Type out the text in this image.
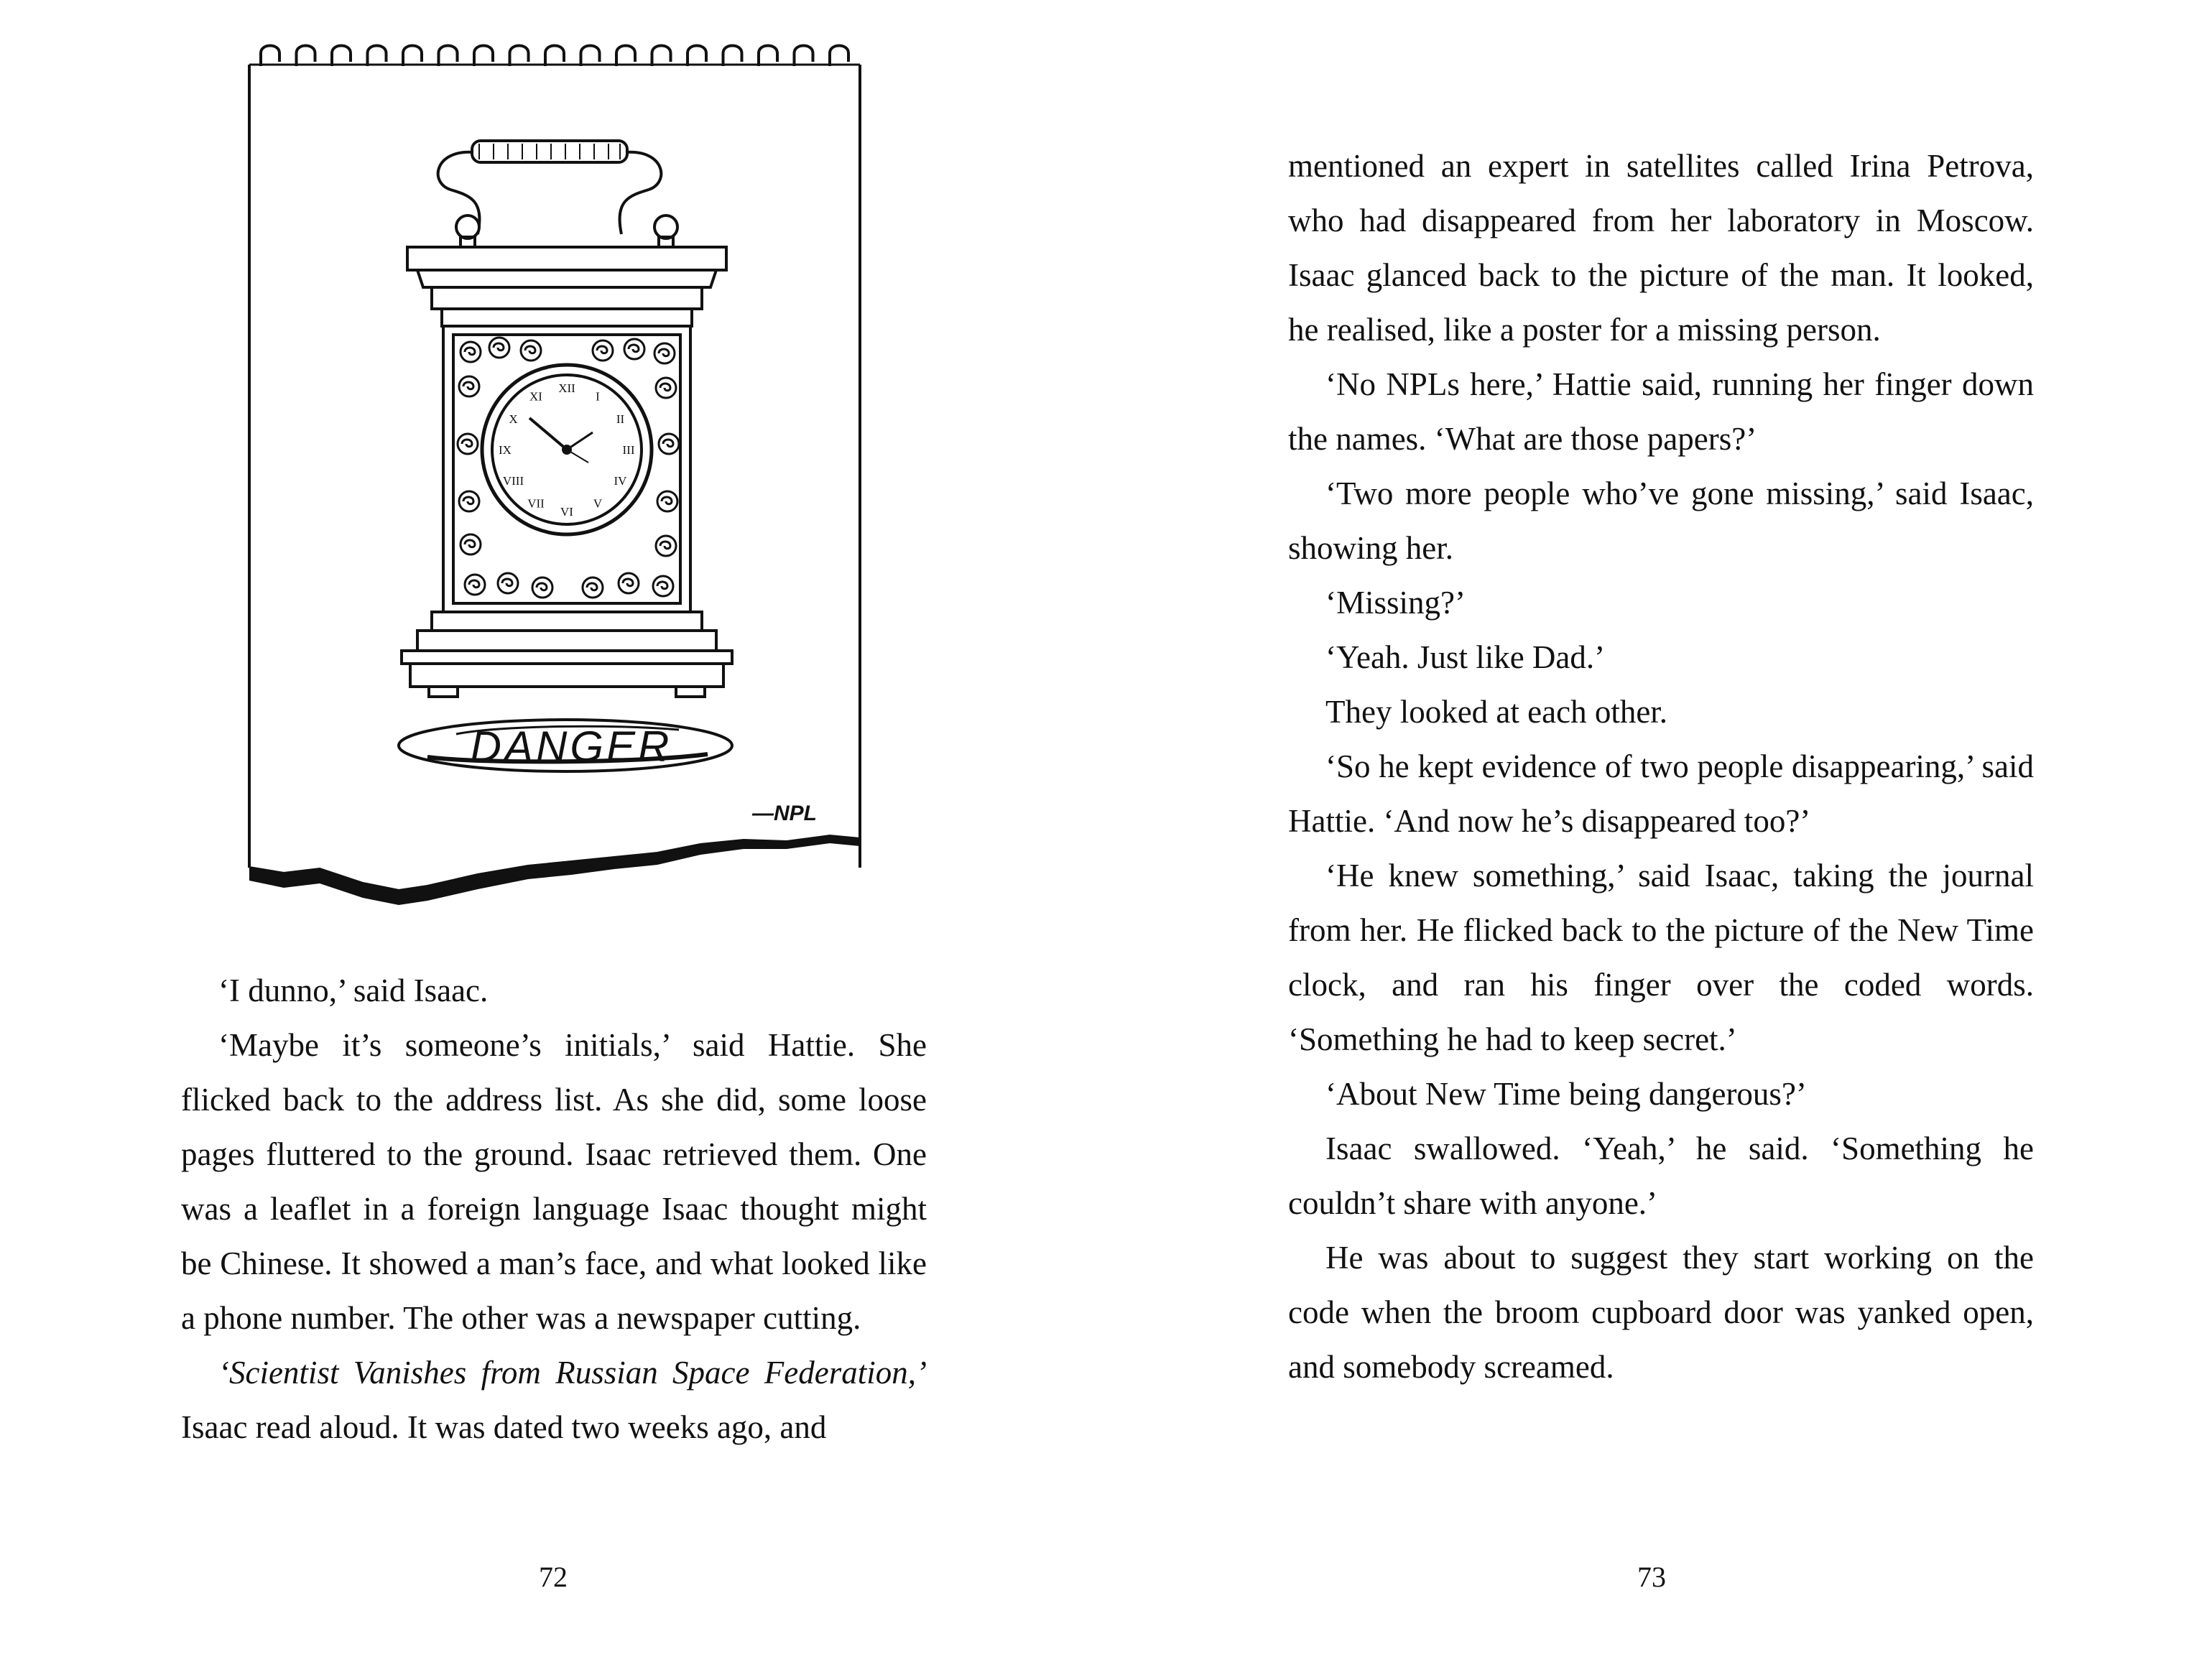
XII
I
II
III
IV
V
VI
VII
VIII
IX
X
XI
DANGER
—NPL

‘I dunno,’ said Isaac.

‘Maybe it’s someone’s initials,’ said Hattie. She flicked back to the address list. As she did, some loose pages fluttered to the ground. Isaac retrieved them. One was a leaflet in a foreign language Isaac thought might be Chinese. It showed a man’s face, and what looked like a phone number. The other was a newspaper cutting.

‘Scientist Vanishes from Russian Space Federation,’ Isaac read aloud. It was dated two weeks ago, and

72

mentioned an expert in satellites called Irina Petrova, who had disappeared from her laboratory in Moscow. Isaac glanced back to the picture of the man. It looked, he realised, like a poster for a missing person.

‘No NPLs here,’ Hattie said, running her finger down the names. ‘What are those papers?’

‘Two more people who’ve gone missing,’ said Isaac, showing her.

‘Missing?’

‘Yeah. Just like Dad.’

They looked at each other.

‘So he kept evidence of two people disappearing,’ said Hattie. ‘And now he’s disappeared too?’

‘He knew something,’ said Isaac, taking the journal from her. He flicked back to the picture of the New Time clock, and ran his finger over the coded words. ‘Something he had to keep secret.’

‘About New Time being dangerous?’

Isaac swallowed. ‘Yeah,’ he said. ‘Something he couldn’t share with anyone.’

He was about to suggest they start working on the code when the broom cupboard door was yanked open, and somebody screamed.

73
